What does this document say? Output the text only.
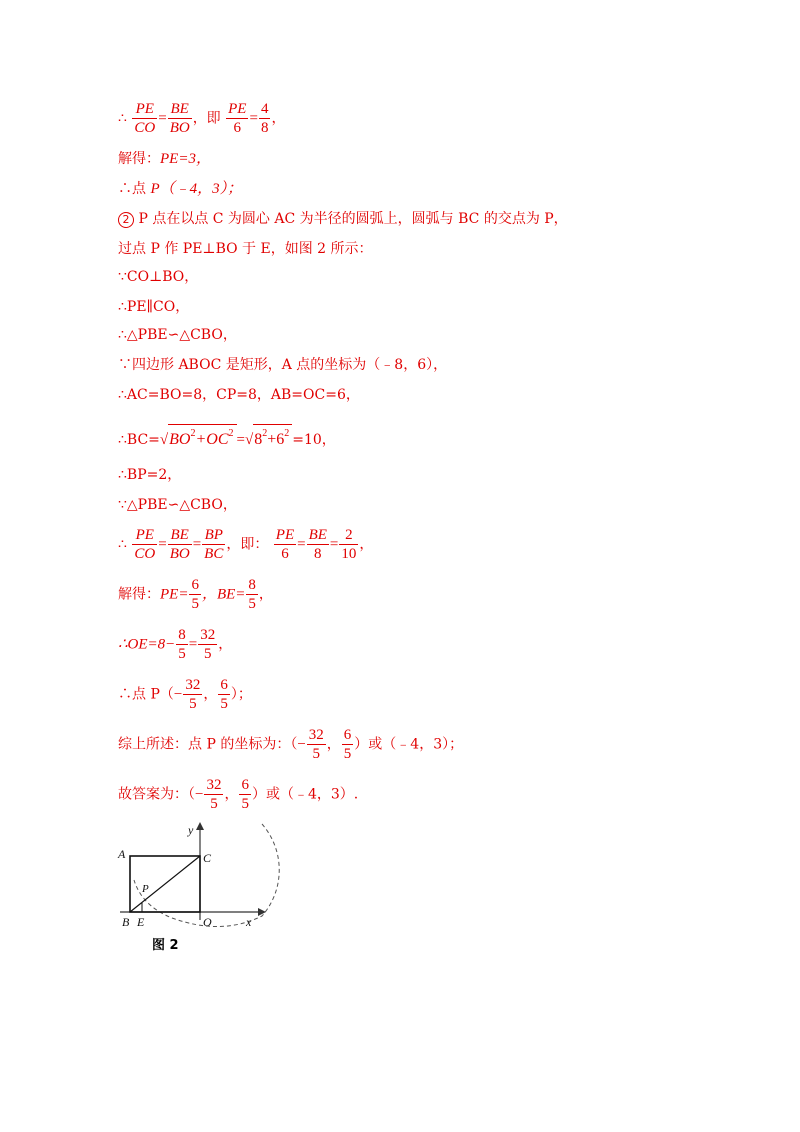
∴ $\frac{PE}{CO} = \frac{BE}{BO}$ ，即 $\frac{PE}{6} = \frac{4}{8}$ ，
解得：PE=3，
∴点 P（﹣4，3）；
2 P 点在以点 C 为圆心 AC 为半径的圆弧上，圆弧与 BC 的交点为 P，
过点 P 作 PE⊥BO 于 E，如图 2 所示：
∵CO⊥BO，
∴PE∥CO，
∴△PBE∽△CBO，
∵四边形 ABOC 是矩形，A 点的坐标为（﹣8，6），
∴AC=BO=8，CP=8，AB=OC=6，
$\therefore BC=√BO^2+OC^2 =√8^2+6^2 =10$，
∴BP=2，
∵△PBE∽△CBO，
∴ $\frac{PE}{CO} = \frac{BE}{BO} = \frac{BP}{BC}$ ，即： $\frac{PE}{6} = \frac{BE}{8} = \frac{2}{10}$ ，
解得：$PE= \frac{6}{5}$ ，$BE= \frac{8}{5}$ ，
∴OE=8− $\frac{8}{5} = \frac{32}{5}$ ，
∴点 $P(- \frac{32}{5}$ ， $\frac{6}{5}$ ）；
综上所述：点 P 的坐标为：（− $\frac{32}{5}$ ， $\frac{6}{5}$ ）或（﹣4，3）；
故答案为：（− $\frac{32}{5}$ ， $\frac{6}{5}$ ）或（﹣4，3）.
A	C
P
B E	O	x
y
图 2
